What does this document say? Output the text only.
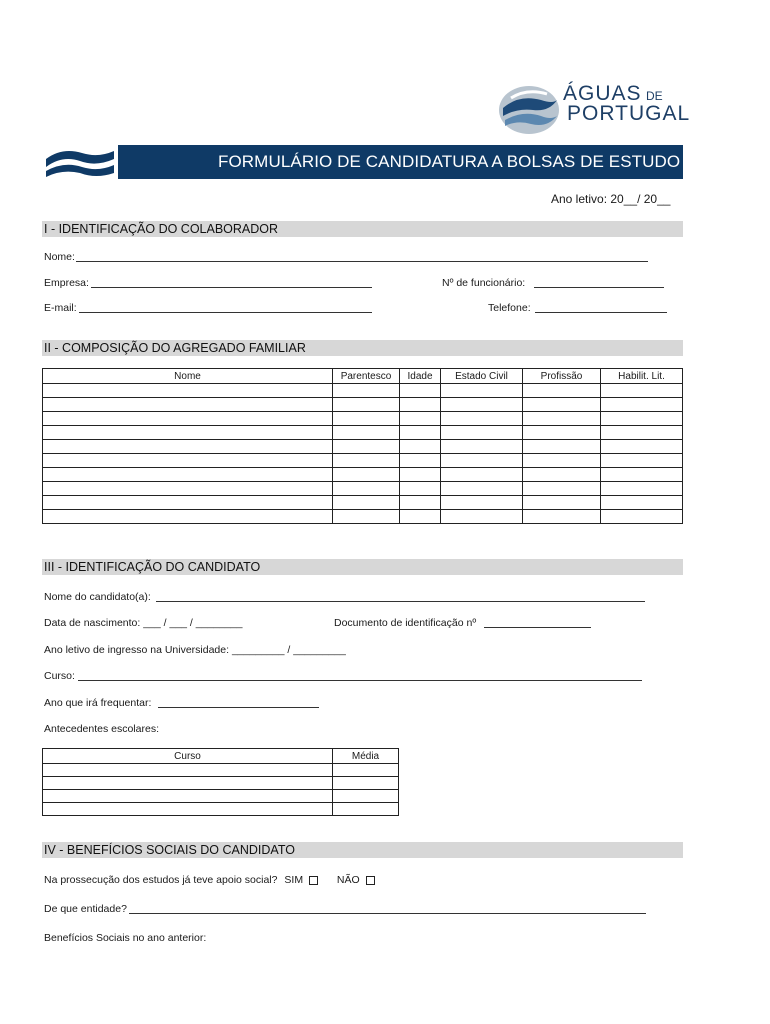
ÁGUAS DE
PORTUGAL
FORMULÁRIO DE CANDIDATURA A BOLSAS DE ESTUDO AdP
Ano letivo: 20__/ 20__
I - IDENTIFICAÇÃO DO COLABORADOR
Nome:
Empresa:	Nº de funcionário:
E-mail:	Telefone:
II - COMPOSIÇÃO DO AGREGADO FAMILIAR
Nome	Parentesco	Idade	Estado Civil	Profissão	Habilit. Lit.

III - IDENTIFICAÇÃO DO CANDIDATO
Nome do candidato(a):
Data de nascimento: ___ / ___ / ________	Documento de identificação nº
Ano letivo de ingresso na Universidade: _________ / _________
Curso:
Ano que irá frequentar:
Antecedentes escolares:
Curso	Média

IV - BENEFÍCIOS SOCIAIS DO CANDIDATO
Na prossecução dos estudos já teve apoio social? SIM	NÃO
De que entidade?
Benefícios Sociais no ano anterior:
